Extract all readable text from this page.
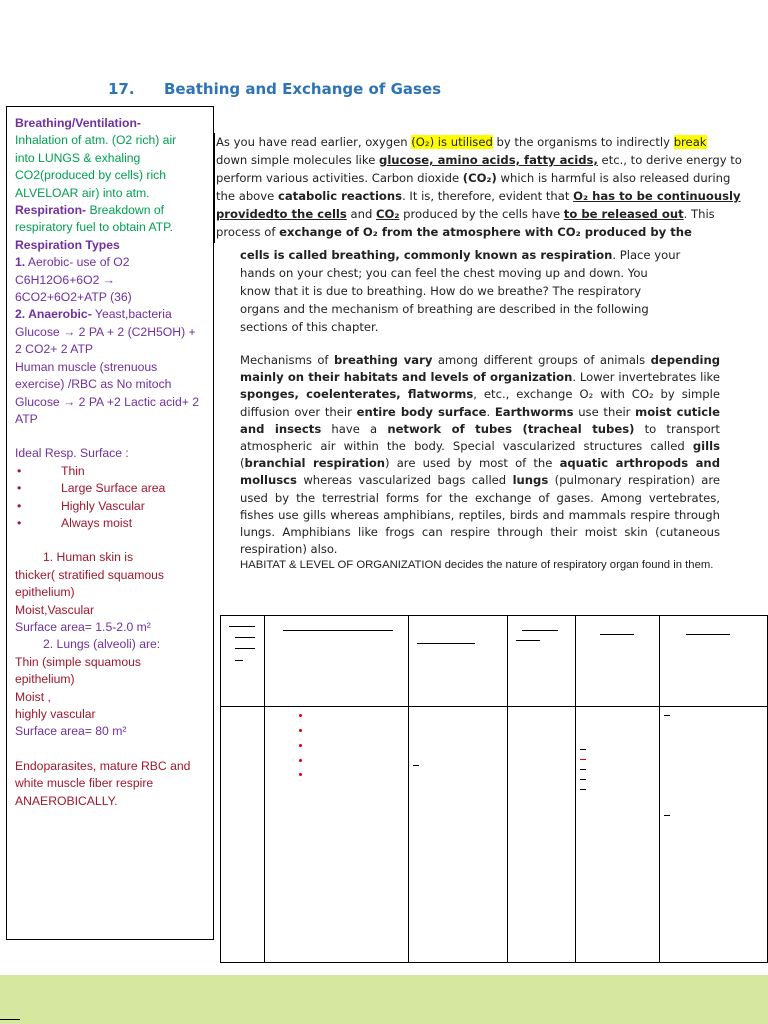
17. Beathing and Exchange of Gases
Breathing/Ventilation-
Inhalation of atm. (O2 rich) air
into LUNGS & exhaling
CO2(produced by cells) rich
ALVELOAR air) into atm.
Respiration- Breakdown of
respiratory fuel to obtain ATP.
Respiration Types
1. Aerobic- use of O2
C6H12O6+6O2 →
6CO2+6O2+ATP (36)
2. Anaerobic- Yeast,bacteria
Glucose → 2 PA + 2 (C2H5OH) +
2 CO2+ 2 ATP
Human muscle (strenuous
exercise) /RBC as No mitoch
Glucose → 2 PA +2 Lactic acid+ 2
ATP
Ideal Resp. Surface :
•	Thin
•	Large Surface area
•	Highly Vascular
•	Always moist
1. Human skin is
thicker( stratified squamous
epithelium)
Moist,Vascular
Surface area= 1.5-2.0 m²
2. Lungs (alveoli) are:
Thin (simple squamous
epithelium)
Moist ,
highly vascular
Surface area= 80 m²
Endoparasites, mature RBC and
white muscle fiber respire
ANAEROBICALLY.
As you have read earlier, oxygen (O₂) is utilised by the organisms to indirectly break
down simple molecules like glucose, amino acids, fatty acids, etc., to derive energy to
perform various activities. Carbon dioxide (CO₂) which is harmful is also released during
the above catabolic reactions. It is, therefore, evident that O₂ has to be continuously
providedto the cells and CO₂ produced by the cells have to be released out. This
process of exchange of O₂ from the atmosphere with CO₂ produced by the
cells is called breathing, commonly known as respiration. Place your
hands on your chest; you can feel the chest moving up and down. You
know that it is due to breathing. How do we breathe? The respiratory
organs and the mechanism of breathing are described in the following
sections of this chapter.
Mechanisms of breathing vary among different groups of animals depending mainly on their habitats and levels of organization. Lower invertebrates like sponges, coelenterates, flatworms, etc., exchange O₂ with CO₂ by simple diffusion over their entire body surface. Earthworms use their moist cuticle and insects have a network of tubes (tracheal tubes) to transport atmospheric air within the body. Special vascularized structures called gills (branchial respiration) are used by most of the aquatic arthropods and molluscs whereas vascularized bags called lungs (pulmonary respiration) are used by the terrestrial forms for the exchange of gases. Among vertebrates, fishes use gills whereas amphibians, reptiles, birds and mammals respire through lungs. Amphibians like frogs can respire through their moist skin (cutaneous respiration) also.
HABITAT & LEVEL OF ORGANIZATION decides the nature of respiratory organ found in them.
